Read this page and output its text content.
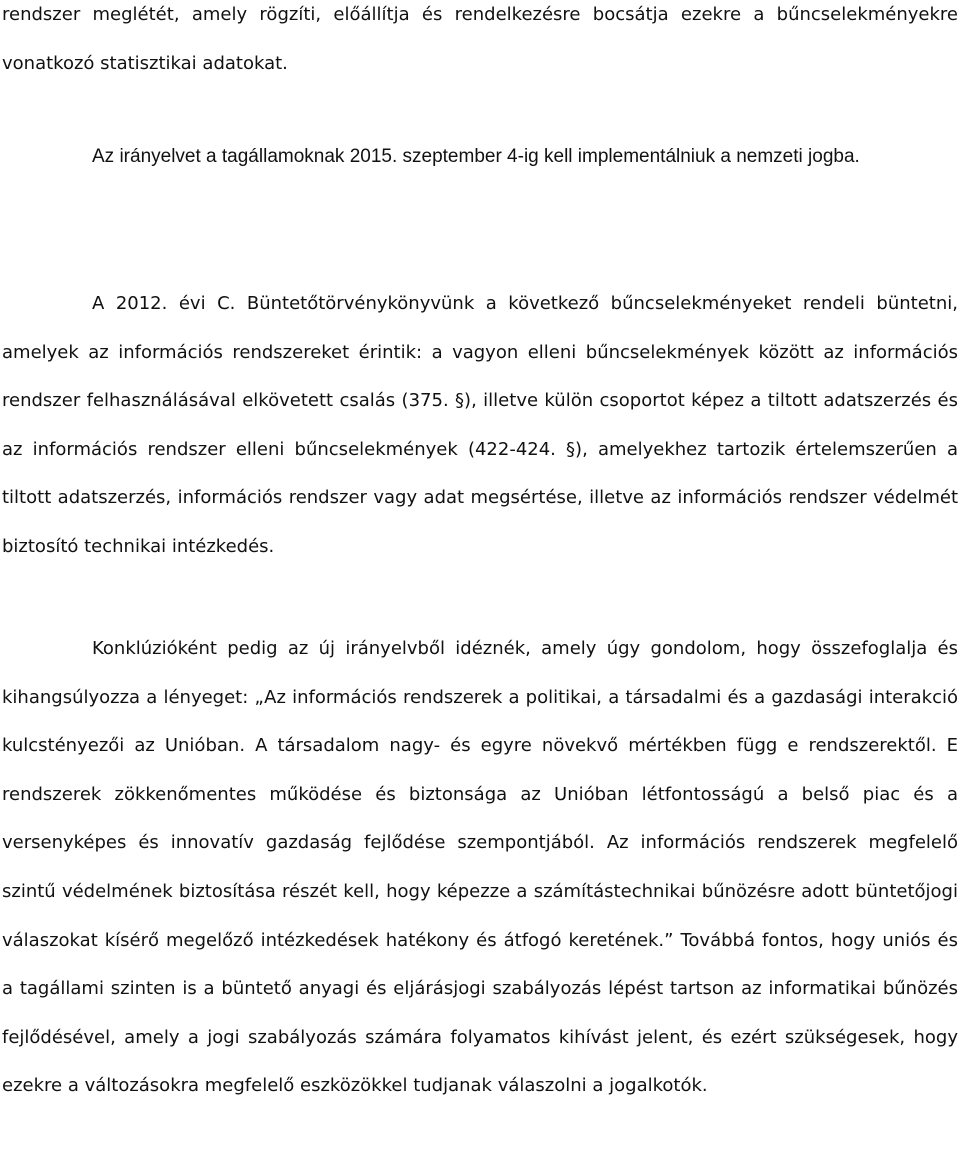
rendszer meglétét, amely rögzíti, előállítja és rendelkezésre bocsátja ezekre a bűncselekményekre vonatkozó statisztikai adatokat.

Az irányelvet a tagállamoknak 2015. szeptember 4-ig kell implementálniuk a nemzeti jogba.

A 2012. évi C. Büntetőtörvénykönyvünk a következő bűncselekményeket rendeli büntetni, amelyek az információs rendszereket érintik: a vagyon elleni bűncselekmények között az információs rendszer felhasználásával elkövetett csalás (375. §), illetve külön csoportot képez a tiltott adatszerzés és az információs rendszer elleni bűncselekmények (422-424. §), amelyekhez tartozik értelemszerűen a tiltott adatszerzés, információs rendszer vagy adat megsértése, illetve az információs rendszer védelmét biztosító technikai intézkedés.

Konklúzióként pedig az új irányelvből idéznék, amely úgy gondolom, hogy összefoglalja és kihangsúlyozza a lényeget: „Az információs rendszerek a politikai, a társadalmi és a gazdasági interakció kulcstényezői az Unióban. A társadalom nagy- és egyre növekvő mértékben függ e rendszerektől. E rendszerek zökkenőmentes működése és biztonsága az Unióban létfontosságú a belső piac és a versenyképes és innovatív gazdaság fejlődése szempontjából. Az információs rendszerek megfelelő szintű védelmének biztosítása részét kell, hogy képezze a számítástechnikai bűnözésre adott büntetőjogi válaszokat kísérő megelőző intézkedések hatékony és átfogó keretének.” Továbbá fontos, hogy uniós és a tagállami szinten is a büntető anyagi és eljárásjogi szabályozás lépést tartson az informatikai bűnözés fejlődésével, amely a jogi szabályozás számára folyamatos kihívást jelent, és ezért szükségesek, hogy ezekre a változásokra megfelelő eszközökkel tudjanak válaszolni a jogalkotók.
